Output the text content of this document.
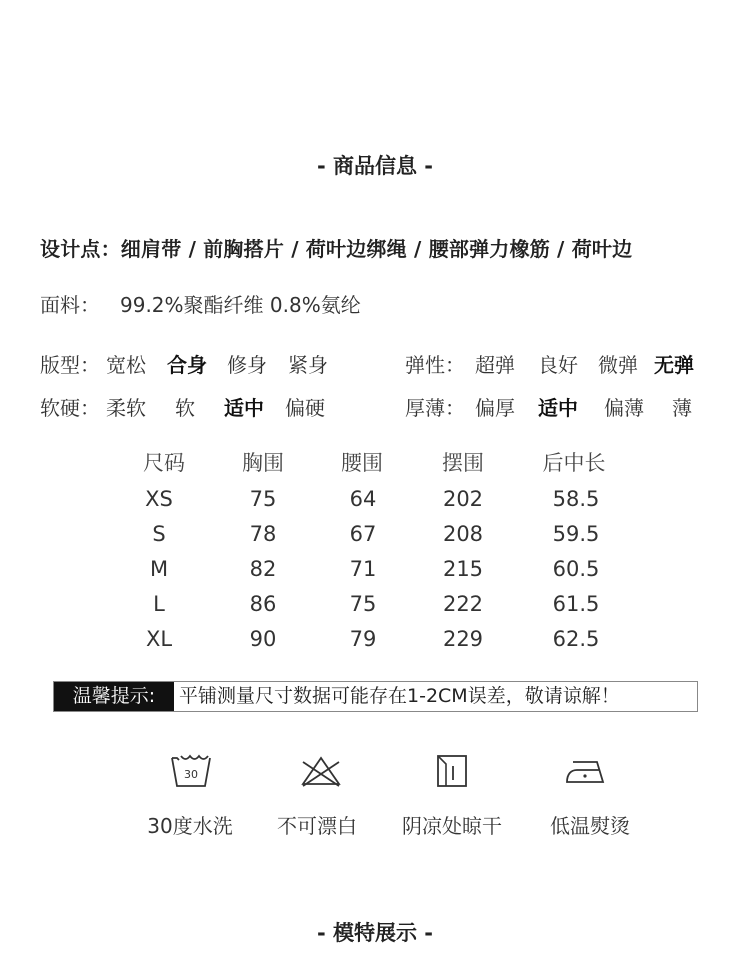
- 商品信息 -
设计点：细肩带 / 前胸搭片 / 荷叶边绑绳 / 腰部弹力橡筋 / 荷叶边
面料： 99.2%聚酯纤维 0.8%氨纶
版型： 宽松 合身 修身 紧身	弹性： 超弹 良好 微弹 无弹
软硬： 柔软 软 适中 偏硬	厚薄： 偏厚 适中 偏薄 薄
尺码	胸围	腰围	摆围	后中长
XS	75	64	202	58.5
S	78	67	208	59.5
M	82	71	215	60.5
L	86	75	222	61.5
XL	90	79	229	62.5
温馨提示:	平铺测量尺寸数据可能存在1-2CM误差，敬请谅解！
30
30度水洗	不可漂白	阴凉处晾干	低温熨烫
- 模特展示 -
